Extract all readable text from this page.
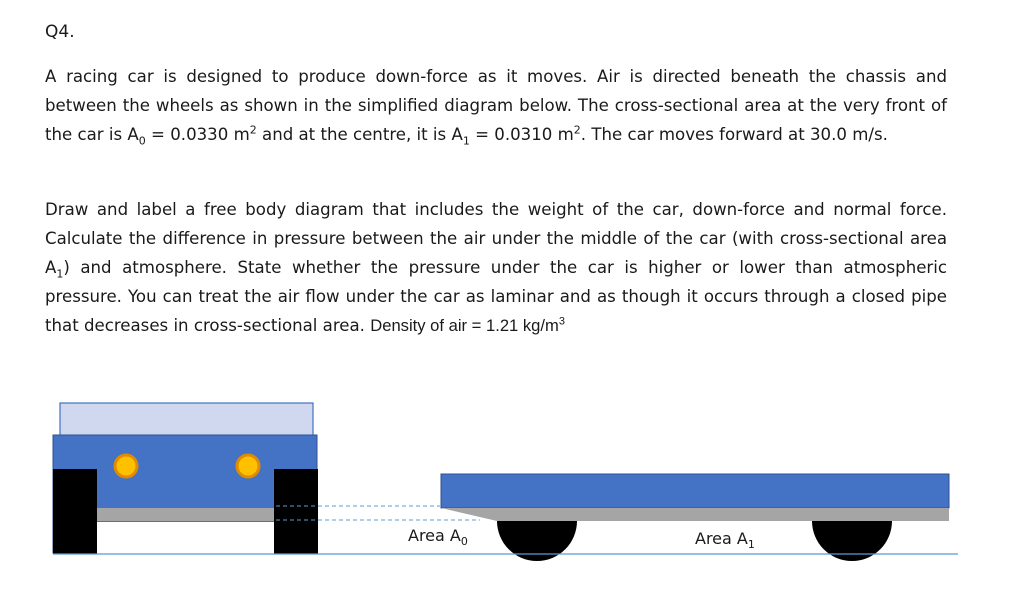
Q4.

A racing car is designed to produce down-force as it moves. Air is directed beneath the chassis and between the wheels as shown in the simplified diagram below. The cross-sectional area at the very front of the car is $A_0 = 0.0330$ $m^2$ and at the centre, it is $A_1 = 0.0310$ $m^2$. The car moves forward at 30.0 m/s.

Draw and label a free body diagram that includes the weight of the car, down-force and normal force. Calculate the difference in pressure between the air under the middle of the car (with cross-sectional area $A_1$) and atmosphere. State whether the pressure under the car is higher or lower than atmospheric pressure. You can treat the air flow under the car as laminar and as though it occurs through a closed pipe that decreases in cross-sectional area. Density of air = 1.21 $kg/m^3$

Area $A_0$	Area $A_1$
